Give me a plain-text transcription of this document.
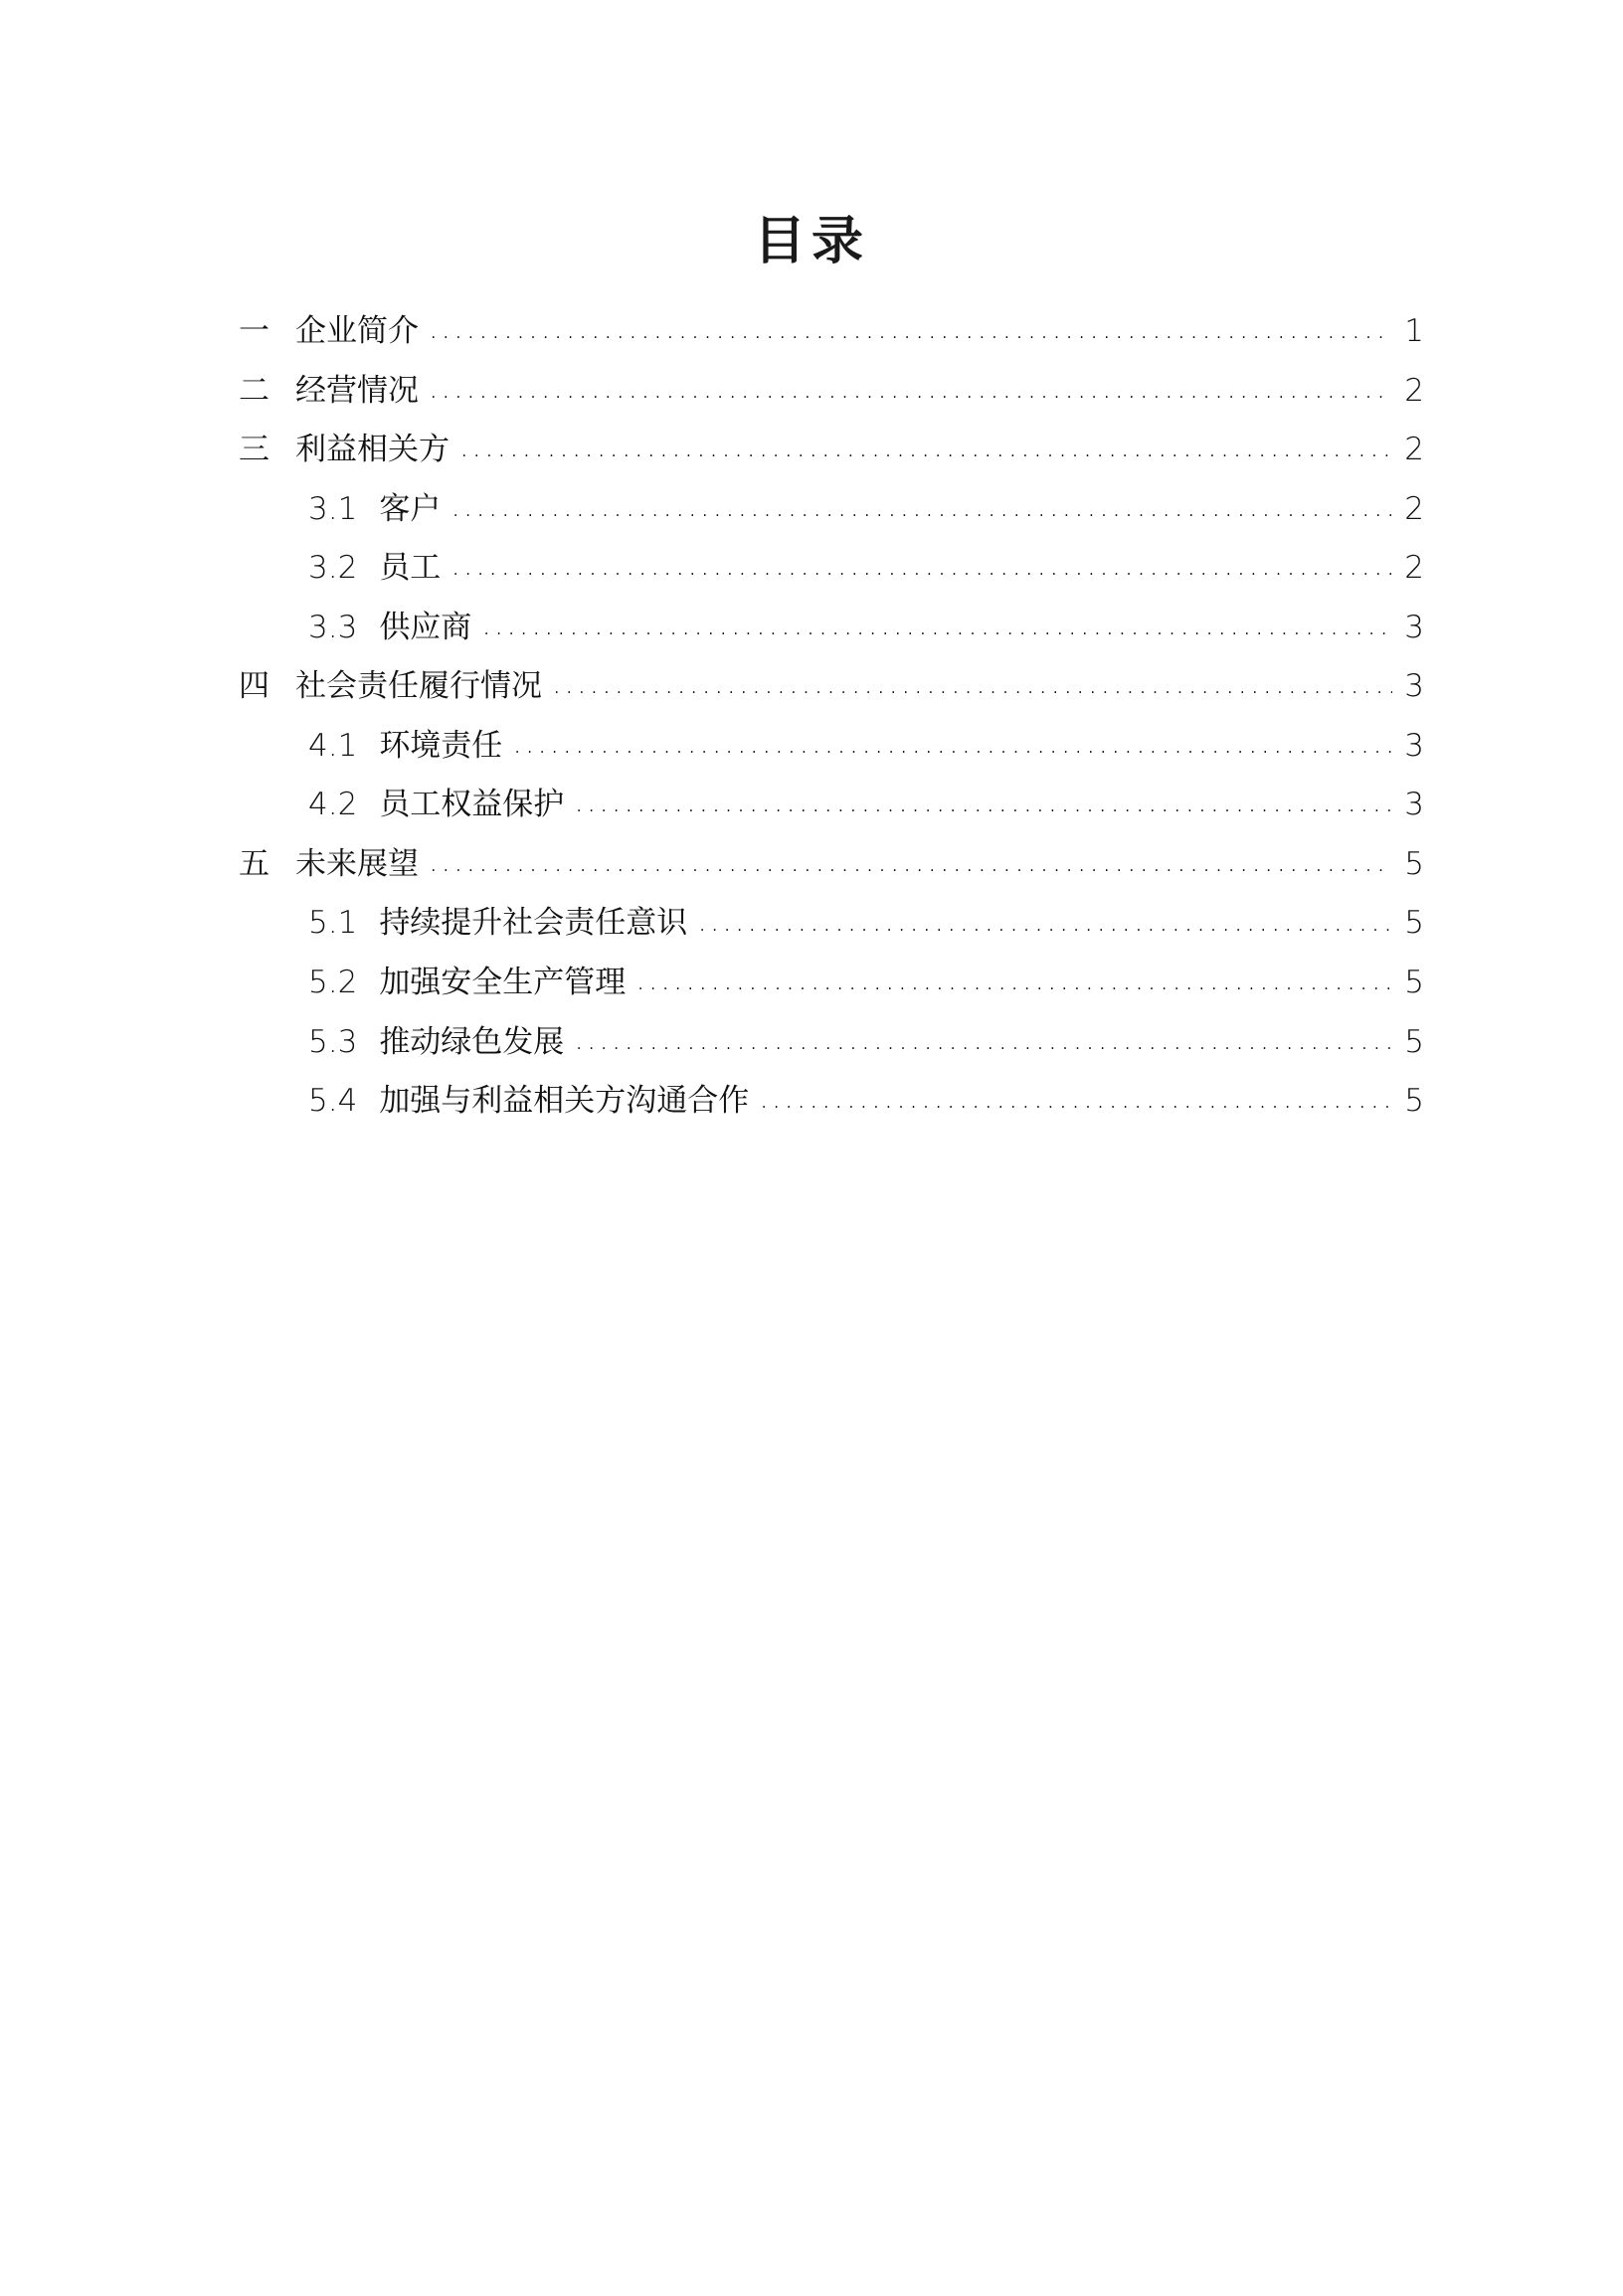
目录
一 企业简介 .....	1
二 经营情况 .....	2
三 利益相关方 .....	2
3.1 客户 .....	2
3.2 员工 .....	2
3.3 供应商 .....	3
四 社会责任履行情况 .....	3
4.1 环境责任 .....	3
4.2 员工权益保护 .....	3
五 未来展望 .....	5
5.1 持续提升社会责任意识 .....	5
5.2 加强安全生产管理 .....	5
5.3 推动绿色发展 .....	5
5.4 加强与利益相关方沟通合作 .....	5
